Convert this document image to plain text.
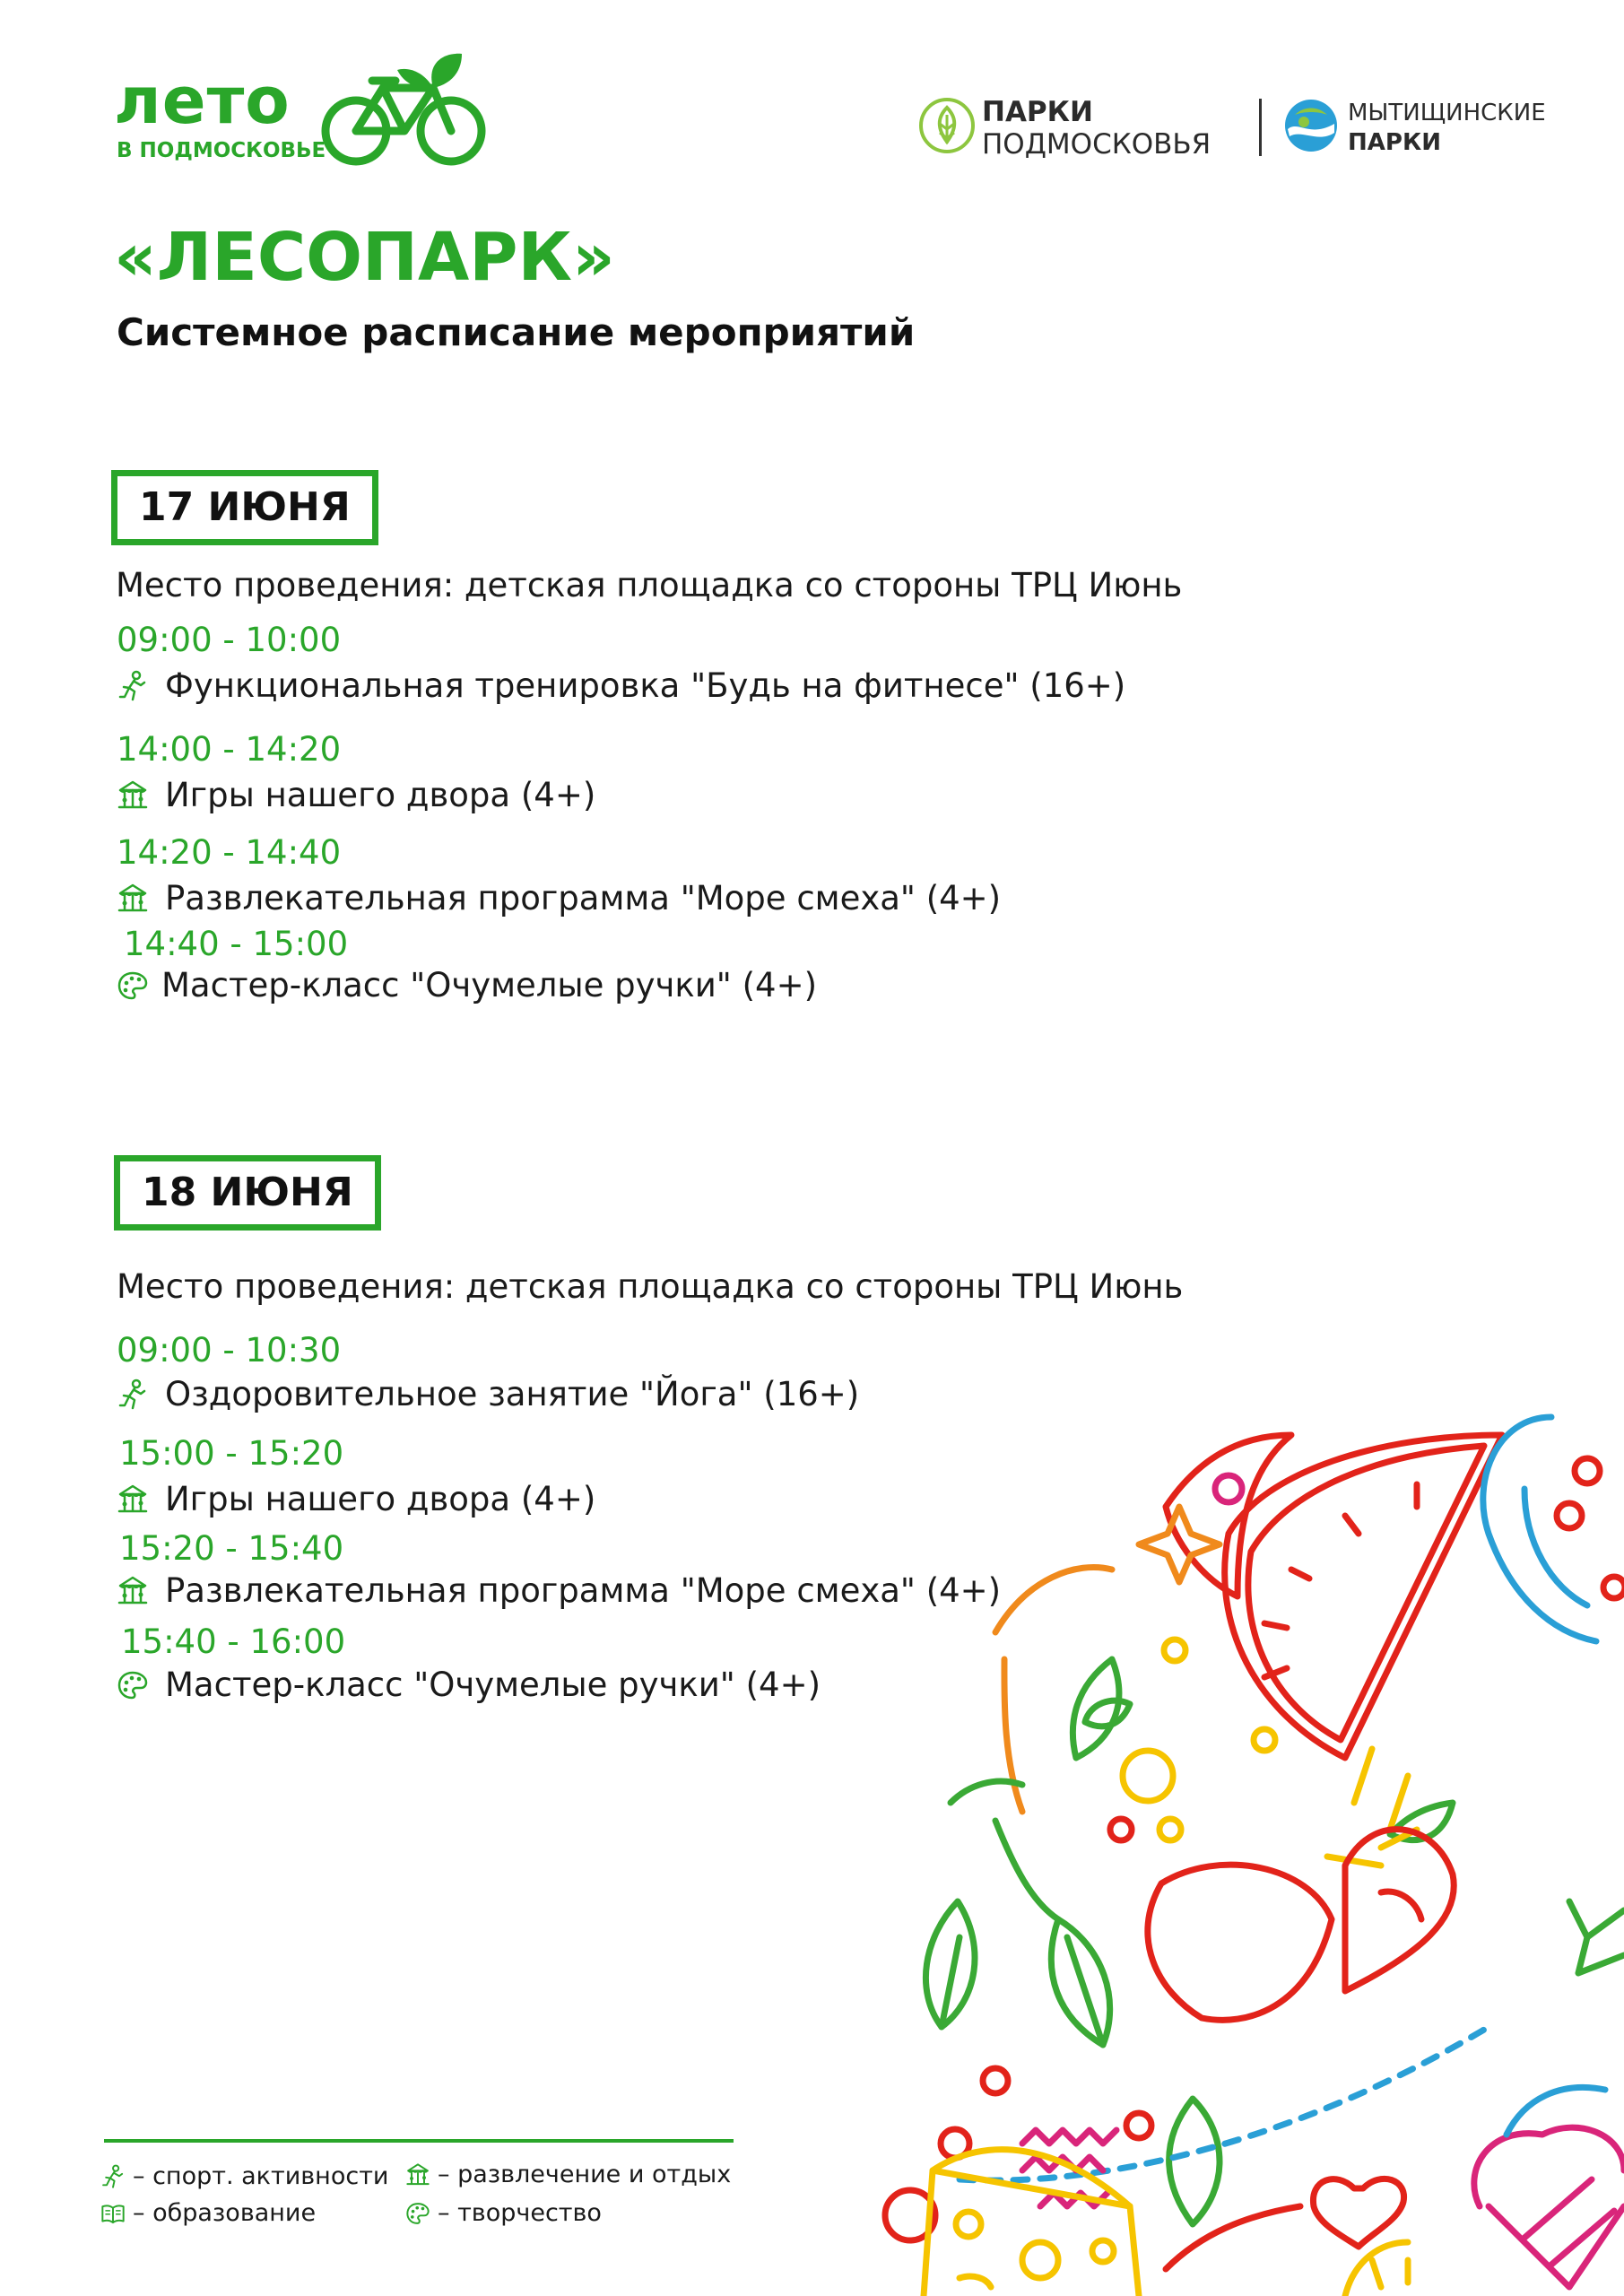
лето
В ПОДМОСКОВЬЕ
ПАРКИ
ПОДМОСКОВЬЯ
МЫТИЩИНСКИЕ
ПАРКИ
«ЛЕСОПАРК»
Системное расписание мероприятий
17 ИЮНЯ
Место проведения: детская площадка со стороны ТРЦ Июнь
09:00 - 10:00
Функциональная тренировка "Будь на фитнесе" (16+)
14:00 - 14:20
Игры нашего двора (4+)
14:20 - 14:40
Развлекательная программа "Море смеха" (4+)
14:40 - 15:00
Мастер-класс "Очумелые ручки" (4+)
18 ИЮНЯ
Место проведения: детская площадка со стороны ТРЦ Июнь
09:00 - 10:30
Оздоровительное занятие "Йога" (16+)
15:00 - 15:20
Игры нашего двора (4+)
15:20 - 15:40
Развлекательная программа "Море смеха" (4+)
15:40 - 16:00
Мастер-класс "Очумелые ручки" (4+)
– спорт. активности – развлечение и отдых
– образование	– творчество
